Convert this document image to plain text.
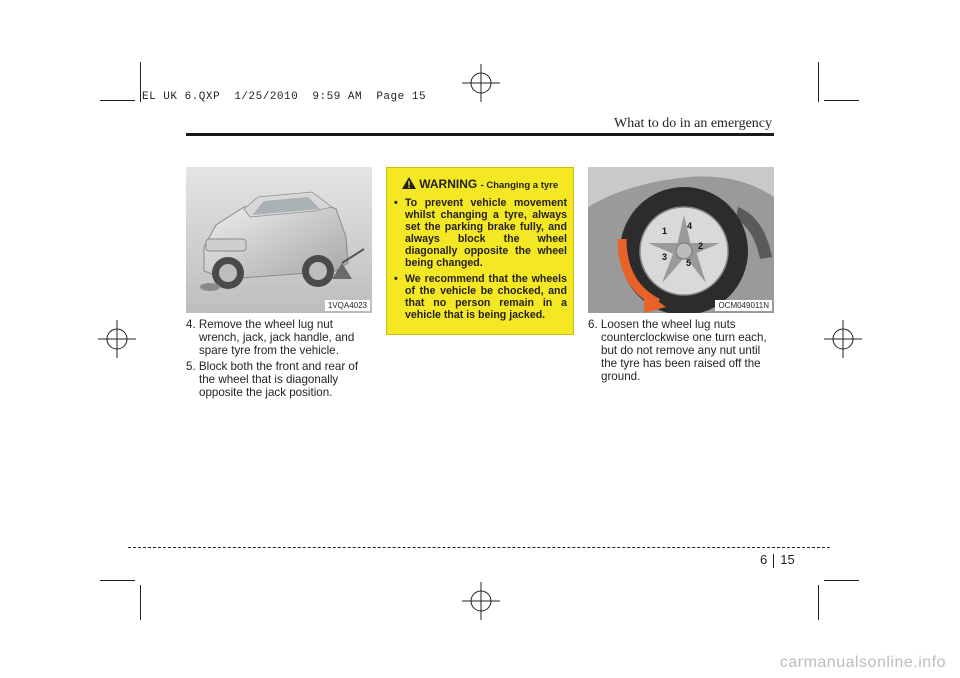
EL UK 6.QXP  1/25/2010  9:59 AM  Page 15
What to do in an emergency
1VQA4023
4. Remove the wheel lug nut wrench, jack, jack handle, and spare tyre from the vehicle.
5. Block both the front and rear of the wheel that is diagonally opposite the jack position.
WARNING - Changing a tyre
• To prevent vehicle movement whilst changing a tyre, always set the parking brake fully, and always block the wheel diagonally opposite the wheel being changed.
• We recommend that the wheels of the vehicle be chocked, and that no person remain in a vehicle that is being jacked.
1 4
2
3
5
OCM049011N
6. Loosen the wheel lug nuts counterclockwise one turn each, but do not remove any nut until the tyre has been raised off the ground.
6 15
carmanualsonline.info
